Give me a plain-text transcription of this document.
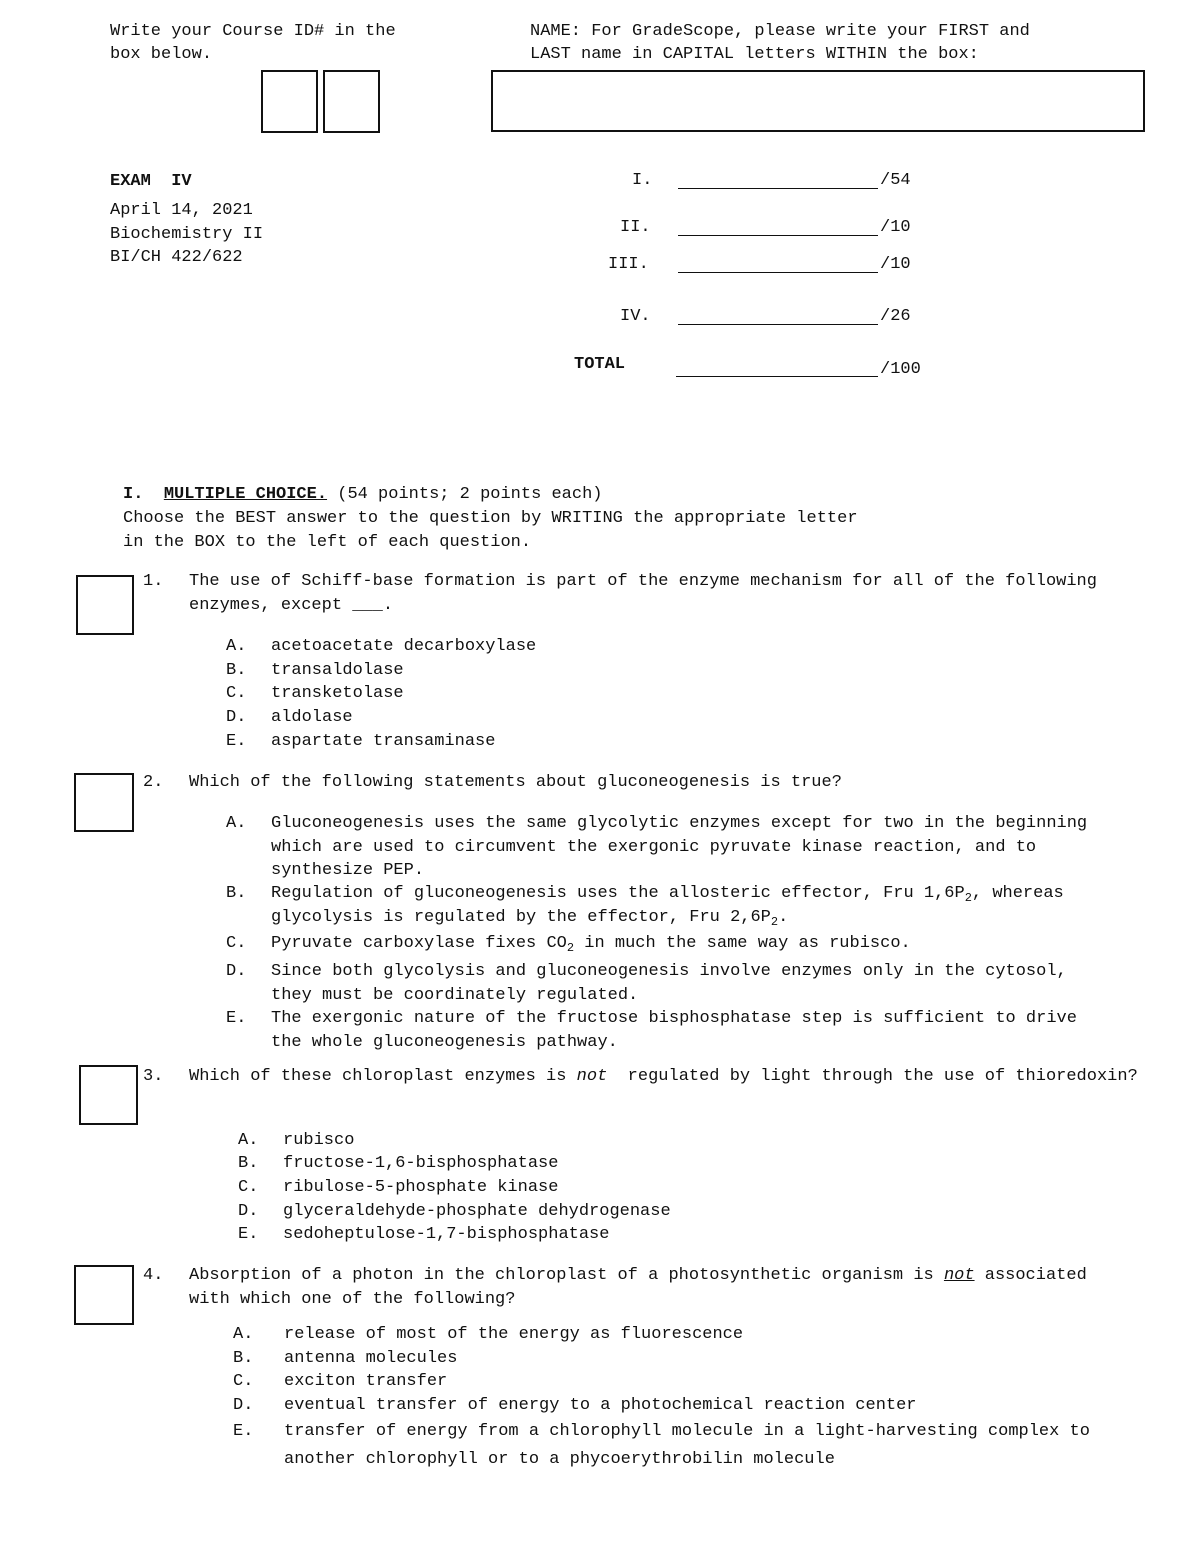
Write your Course ID# in the
box below.
NAME: For GradeScope, please write your FIRST and
LAST name in CAPITAL letters WITHIN the box:
EXAM  IV
April 14, 2021
Biochemistry II
BI/CH 422/622
I.	/54
II.	/10
III.	/10
IV.	/26
TOTAL	/100
I. MULTIPLE CHOICE. (54 points; 2 points each)
Choose the BEST answer to the question by WRITING the appropriate letter
in the BOX to the left of each question.
1. The use of Schiff-base formation is part of the enzyme mechanism for all of the following enzymes, except ___.
A. acetoacetate decarboxylase
B. transaldolase
C. transketolase
D. aldolase
E. aspartate transaminase
2. Which of the following statements about gluconeogenesis is true?
A. Gluconeogenesis uses the same glycolytic enzymes except for two in the beginning which are used to circumvent the exergonic pyruvate kinase reaction, and to synthesize PEP.
B. Regulation of gluconeogenesis uses the allosteric effector, Fru $1,6P_2$, whereas glycolysis is regulated by the effector, Fru $2,6P_2$.
C. Pyruvate carboxylase fixes $CO_2$ in much the same way as rubisco.
D. Since both glycolysis and gluconeogenesis involve enzymes only in the cytosol, they must be coordinately regulated.
E. The exergonic nature of the fructose bisphosphatase step is sufficient to drive the whole gluconeogenesis pathway.
3. Which of these chloroplast enzymes is not  regulated by light through the use of thioredoxin?
A. rubisco
B. fructose-1,6-bisphosphatase
C. ribulose-5-phosphate kinase
D. glyceraldehyde-phosphate dehydrogenase
E. sedoheptulose-1,7-bisphosphatase
4. Absorption of a photon in the chloroplast of a photosynthetic organism is not associated with which one of the following?
A. release of most of the energy as fluorescence
B. antenna molecules
C. exciton transfer
D. eventual transfer of energy to a photochemical reaction center
E. transfer of energy from a chlorophyll molecule in a light-harvesting complex to another chlorophyll or to a phycoerythrobilin molecule
